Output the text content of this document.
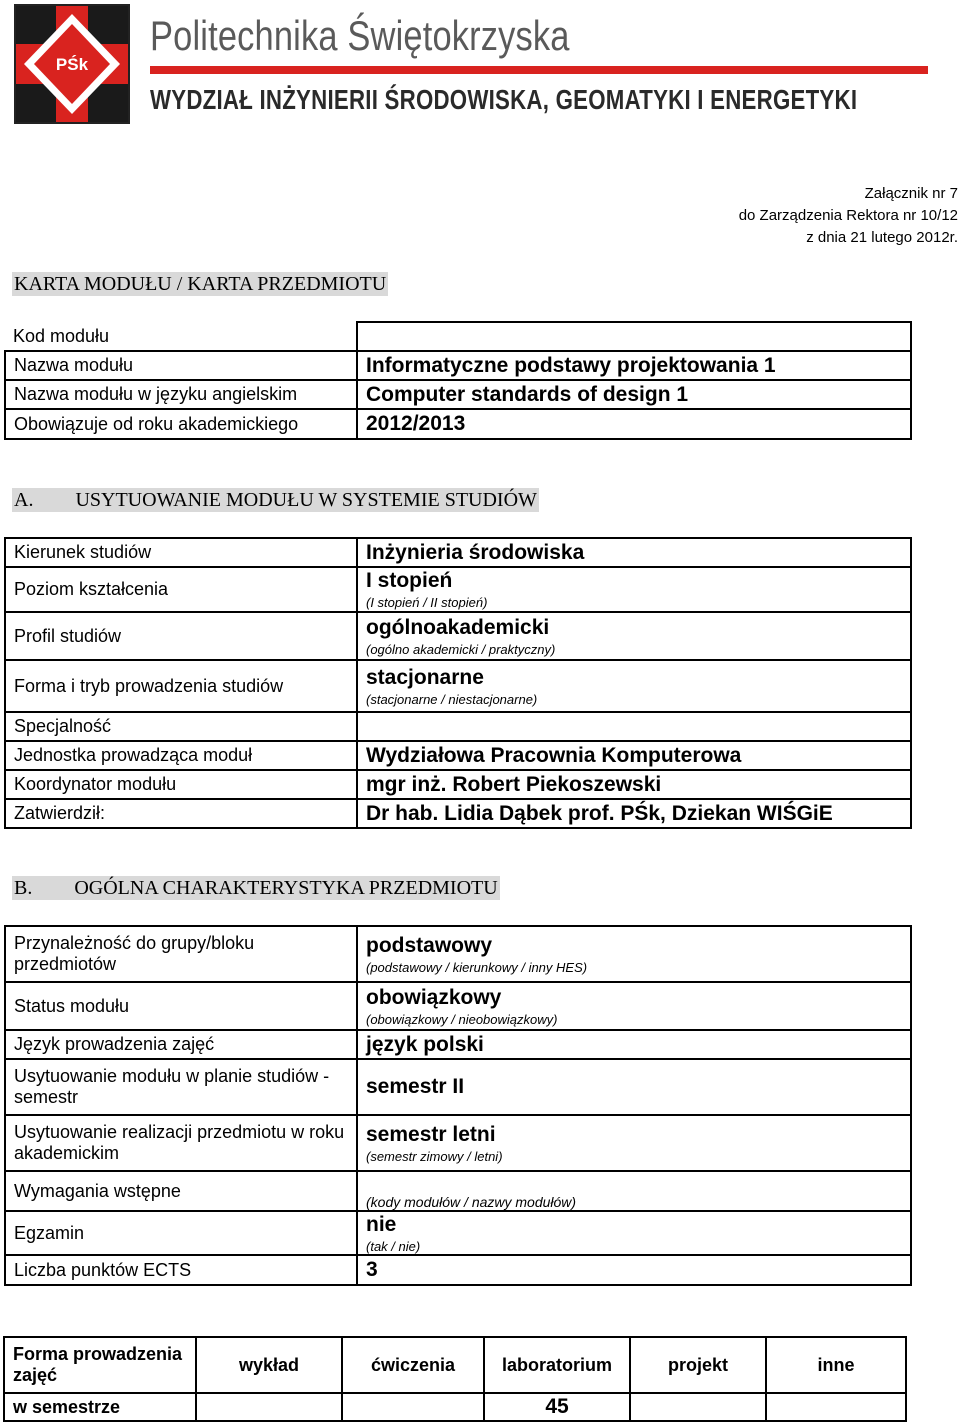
PŚk
Politechnika Świętokrzyska
WYDZIAŁ INŻYNIERII ŚRODOWISKA, GEOMATYKI I ENERGETYKI
Załącznik nr 7
do Zarządzenia Rektora nr 10/12
z dnia 21 lutego 2012r.
KARTA MODUŁU / KARTA PRZEDMIOTU
Kod modułu	
Nazwa modułu	Informatyczne podstawy projektowania 1
Nazwa modułu w języku angielskim	Computer standards of design 1
Obowiązuje od roku akademickiego	2012/2013
A. USYTUOWANIE MODUŁU W SYSTEMIE STUDIÓW
Kierunek studiów	Inżynieria środowiska
Poziom kształcenia	I stopień
(I stopień / II stopień)

Profil studiów	ogólnoakademicki
(ogólno akademicki / praktyczny)

Forma i tryb prowadzenia studiów	stacjonarne
(stacjonarne / niestacjonarne)

Specjalność	
Jednostka prowadząca moduł	Wydziałowa Pracownia Komputerowa
Koordynator modułu	mgr inż. Robert Piekoszewski
Zatwierdził:	Dr hab. Lidia Dąbek prof. PŚk, Dziekan WIŚGiE
B. OGÓLNA CHARAKTERYSTYKA PRZEDMIOTU
Przynależność do grupy/bloku przedmiotów	podstawowy
(podstawowy / kierunkowy / inny HES)

Status modułu	obowiązkowy
(obowiązkowy / nieobowiązkowy)

Język prowadzenia zajęć	język polski
Usytuowanie modułu w planie studiów - semestr	semestr II
Usytuowanie realizacji przedmiotu w roku akademickim	semestr letni
(semestr zimowy / letni)

Wymagania wstępne	(kody modułów / nazwy modułów)

Egzamin	nie
(tak / nie)

Liczba punktów ECTS	3
Forma prowadzenia zajęć	wykład	ćwiczenia	laboratorium	projekt	inne
w semestrze			45		
